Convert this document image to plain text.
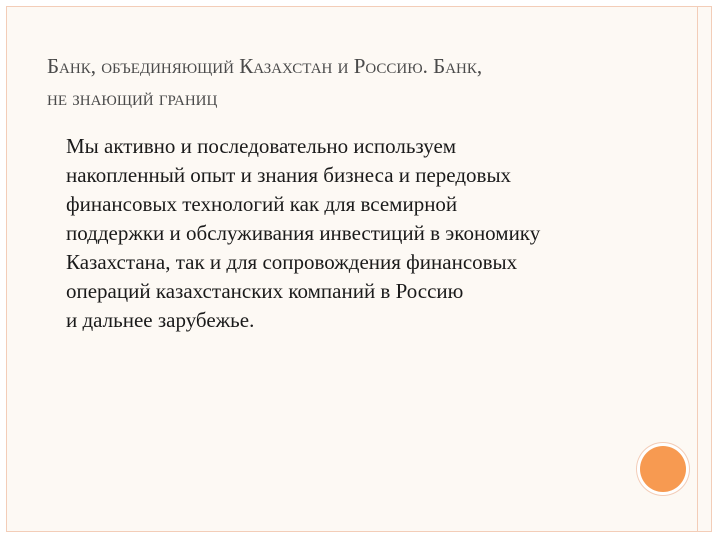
Банк, объединяющий Казахстан и Россию. Банк,
не знающий границ

Мы активно и последовательно используем
накопленный опыт и знания бизнеса и передовых
финансовых технологий как для всемирной
поддержки и обслуживания инвестиций в экономику
Казахстана, так и для сопровождения финансовых
операций казахстанских компаний в Россию
и дальнее зарубежье.
